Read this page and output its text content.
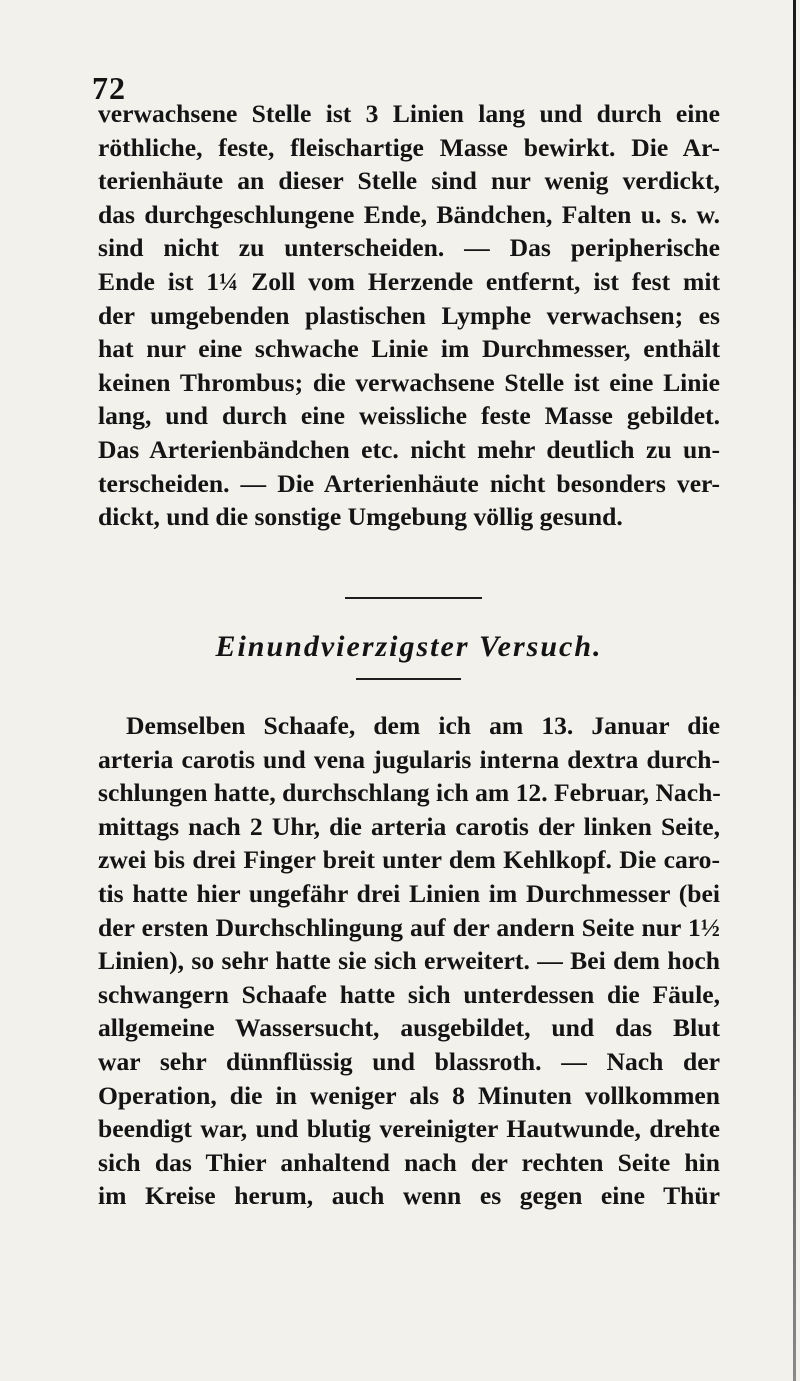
72
verwachsene Stelle ist 3 Linien lang und durch eine
röthliche, feste, fleischartige Masse bewirkt. Die Ar-
terienhäute an dieser Stelle sind nur wenig verdickt,
das durchgeschlungene Ende, Bändchen, Falten u. s. w.
sind nicht zu unterscheiden. — Das peripherische
Ende ist 1¼ Zoll vom Herzende entfernt, ist fest mit
der umgebenden plastischen Lymphe verwachsen; es
hat nur eine schwache Linie im Durchmesser, enthält
keinen Thrombus; die verwachsene Stelle ist eine Linie
lang, und durch eine weissliche feste Masse gebildet.
Das Arterienbändchen etc. nicht mehr deutlich zu un-
terscheiden. — Die Arterienhäute nicht besonders ver-
dickt, und die sonstige Umgebung völlig gesund.
Einundvierzigster Versuch.
Demselben Schaafe, dem ich am 13. Januar die
arteria carotis und vena jugularis interna dextra durch-
schlungen hatte, durchschlang ich am 12. Februar, Nach-
mittags nach 2 Uhr, die arteria carotis der linken Seite,
zwei bis drei Finger breit unter dem Kehlkopf. Die caro-
tis hatte hier ungefähr drei Linien im Durchmesser (bei
der ersten Durchschlingung auf der andern Seite nur 1½
Linien), so sehr hatte sie sich erweitert. — Bei dem hoch
schwangern Schaafe hatte sich unterdessen die Fäule,
allgemeine Wassersucht, ausgebildet, und das Blut
war sehr dünnflüssig und blassroth. — Nach der
Operation, die in weniger als 8 Minuten vollkommen
beendigt war, und blutig vereinigter Hautwunde, drehte
sich das Thier anhaltend nach der rechten Seite hin
im Kreise herum, auch wenn es gegen eine Thür
